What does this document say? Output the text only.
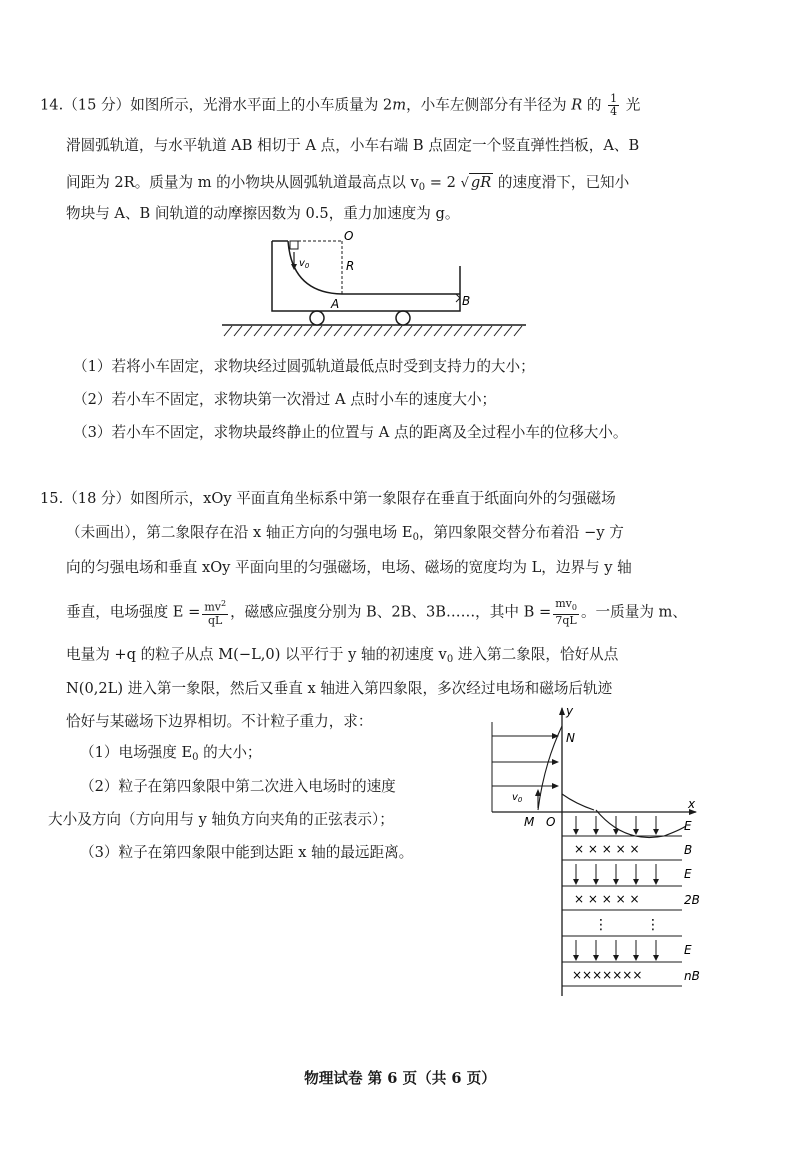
14.（15 分）如图所示，光滑水平面上的小车质量为 2m，小车左侧部分有半径为 R 的 $\frac{1}{4}$ 光
滑圆弧轨道，与水平轨道 AB 相切于 A 点，小车右端 B 点固定一个竖直弹性挡板，A、B
间距为 2R。质量为 m 的小物块从圆弧轨道最高点以 $v_0 = 2$ √ gR 的速度滑下，已知小
物块与 A、B 间轨道的动摩擦因数为 0.5，重力加速度为 g。
O
R
$v_0$
A	B
（1）若将小车固定，求物块经过圆弧轨道最低点时受到支持力的大小；
（2）若小车不固定，求物块第一次滑过 A 点时小车的速度大小；
（3）若小车不固定，求物块最终静止的位置与 A 点的距离及全过程小车的位移大小。
15.（18 分）如图所示，xOy 平面直角坐标系中第一象限存在垂直于纸面向外的匀强磁场
（未画出），第二象限存在沿 x 轴正方向的匀强电场 $E_0$，第四象限交替分布着沿 −y 方
向的匀强电场和垂直 xOy 平面向里的匀强磁场，电场、磁场的宽度均为 L，边界与 y 轴
垂直，电场强度 $E = \frac{mv^2}{qL}$ ，磁感应强度分别为 B、2B、3B……，其中 $B = \frac{mv_0}{7qL}$ 。一质量为 m、
电量为 +q 的粒子从点 M(−L,0) 以平行于 y 轴的初速度 $v_0$ 进入第二象限，恰好从点
N(0,2L) 进入第一象限，然后又垂直 x 轴进入第四象限，多次经过电场和磁场后轨迹
恰好与某磁场下边界相切。不计粒子重力，求：
（1）电场强度 $E_0$ 的大小；
（2）粒子在第四象限中第二次进入电场时的速度
大小及方向（方向用与 y 轴负方向夹角的正弦表示）；
（3）粒子在第四象限中能到达距 x 轴的最远距离。	× × × × ×
× × × × ×
×××××××
⋮	⋮
y
x
N
M O
$v_0$
E
B
E
2B
E
nB
物理试卷 第 6 页（共 6 页）
